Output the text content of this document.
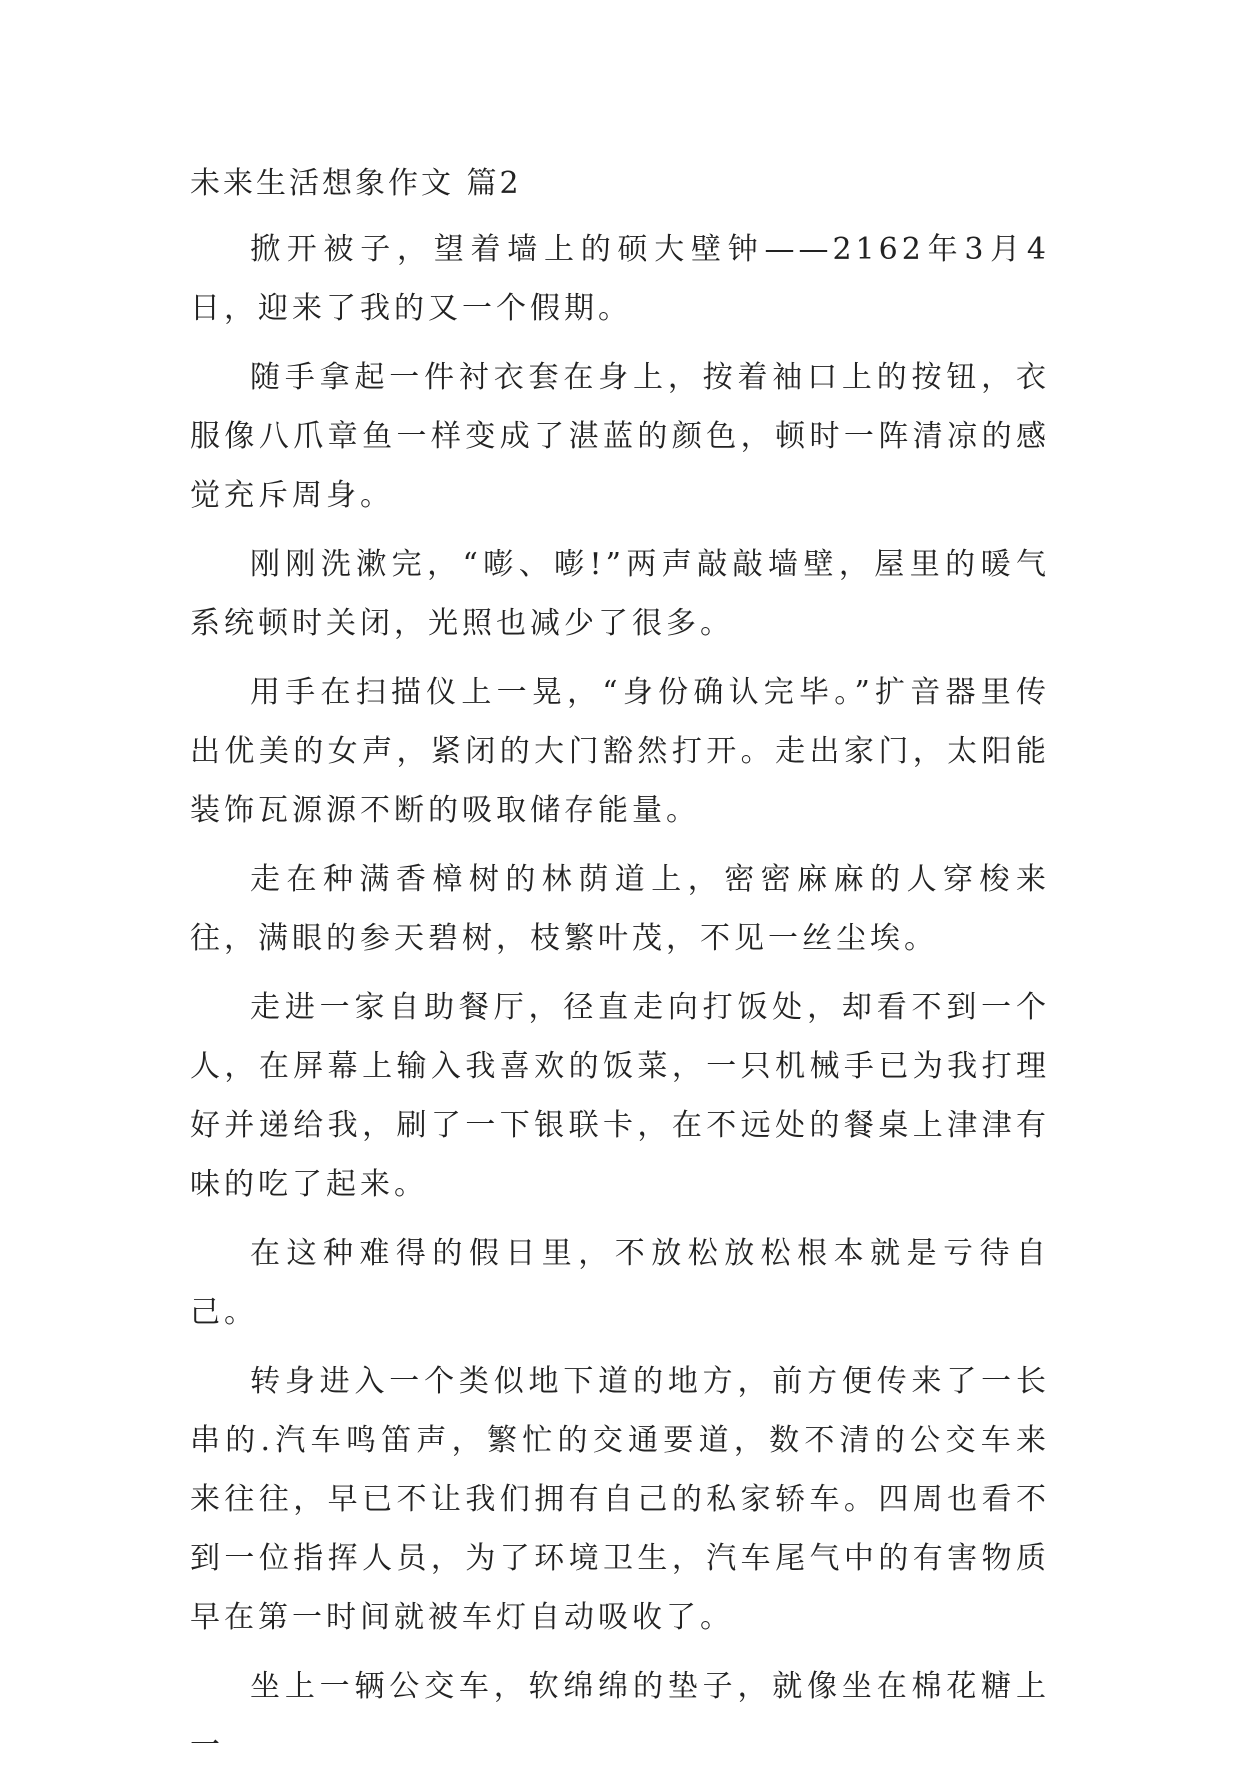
未来生活想象作文 篇2

掀开被子，望着墙上的硕大壁钟——2162年3月4日，迎来了我的又一个假期。

随手拿起一件衬衣套在身上，按着袖口上的按钮，衣服像八爪章鱼一样变成了湛蓝的颜色，顿时一阵清凉的感觉充斥周身。

刚刚洗漱完，“嘭、嘭!”两声敲敲墙壁，屋里的暖气系统顿时关闭，光照也减少了很多。

用手在扫描仪上一晃，“身份确认完毕。”扩音器里传出优美的女声，紧闭的大门豁然打开。走出家门，太阳能装饰瓦源源不断的吸取储存能量。

走在种满香樟树的林荫道上，密密麻麻的人穿梭来往，满眼的参天碧树，枝繁叶茂，不见一丝尘埃。

走进一家自助餐厅，径直走向打饭处，却看不到一个人，在屏幕上输入我喜欢的饭菜，一只机械手已为我打理好并递给我，刷了一下银联卡，在不远处的餐桌上津津有味的吃了起来。

在这种难得的假日里，不放松放松根本就是亏待自己。

转身进入一个类似地下道的地方，前方便传来了一长串的.汽车鸣笛声，繁忙的交通要道，数不清的公交车来来往往，早已不让我们拥有自己的私家轿车。四周也看不到一位指挥人员，为了环境卫生，汽车尾气中的有害物质早在第一时间就被车灯自动吸收了。

坐上一辆公交车，软绵绵的垫子，就像坐在棉花糖上一
